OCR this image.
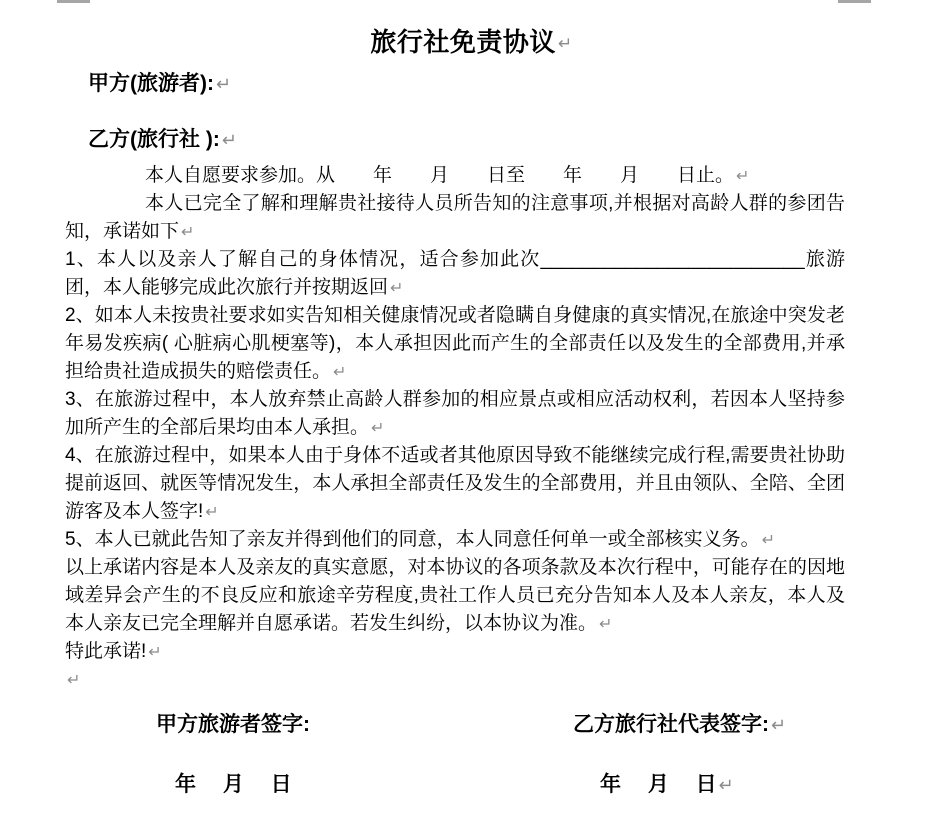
旅行社免责协议 ↵
甲方(旅游者): ↵
乙方(旅行社 ): ↵

本人自愿要求参加。从　　年　　月　　日至　　年　　月　　日止。 ↵

本人已完全了解和理解贵社接待人员所告知的注意事项,并根据对高龄人群的参团告知，承诺如下 ↵

1、本人以及亲人了解自己的身体情况，适合参加此次_________________________旅游团，本人能够完成此次旅行并按期返回 ↵

2、如本人未按贵社要求如实告知相关健康情况或者隐瞒自身健康的真实情况,在旅途中突发老年易发疾病( 心脏病心肌梗塞等)，本人承担因此而产生的全部责任以及发生的全部费用,并承担给贵社造成损失的赔偿责任。 ↵

3、在旅游过程中，本人放弃禁止高龄人群参加的相应景点或相应活动权利，若因本人坚持参加所产生的全部后果均由本人承担。 ↵

4、在旅游过程中，如果本人由于身体不适或者其他原因导致不能继续完成行程,需要贵社协助提前返回、就医等情况发生，本人承担全部责任及发生的全部费用，并且由领队、全陪、全团游客及本人签字! ↵

5、本人已就此告知了亲友并得到他们的同意，本人同意任何单一或全部核实义务。 ↵

以上承诺内容是本人及亲友的真实意愿，对本协议的各项条款及本次行程中，可能存在的因地域差异会产生的不良反应和旅途辛劳程度,贵社工作人员已充分告知本人及本人亲友，本人及本人亲友已完全理解并自愿承诺。若发生纠纷，以本协议为准。 ↵

特此承诺! ↵

↵

甲方旅游者签字:	乙方旅行社代表签字: ↵
年　 月　 日	年　 月　 日 ↵
